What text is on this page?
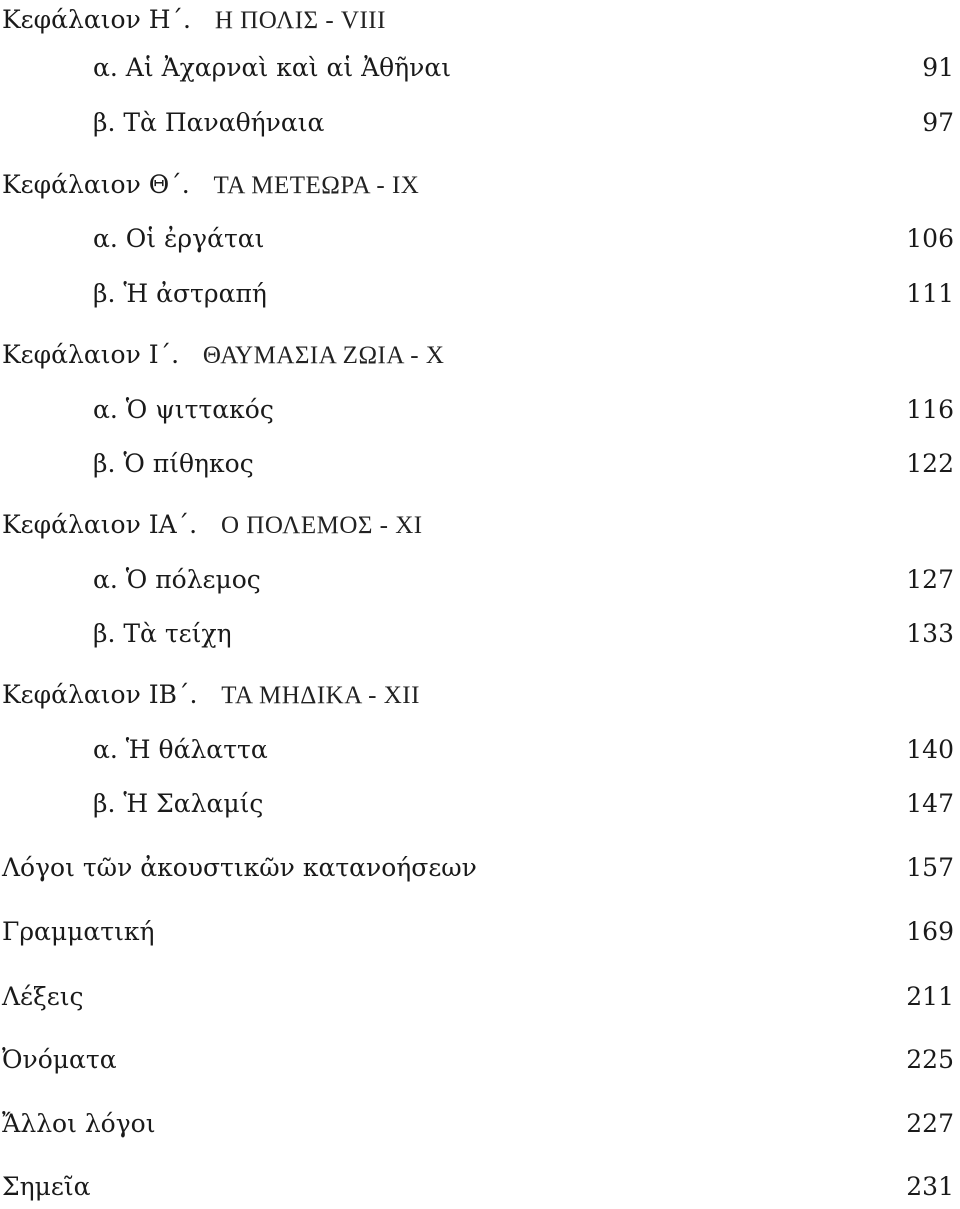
Κεφάλαιον Η΄. Η ΠΟΛΙΣ - VIII
α. Αἱ Ἀχαρναὶ καὶ αἱ Ἀθῆναι	91
β. Τὰ Παναθήναια	97
Κεφάλαιον Θ΄. ΤΑ ΜΕΤΕΩΡΑ - IX
α. Οἱ ἐργάται	106
β. Ἡ ἀστραπή	111
Κεφάλαιον Ι΄. ΘΑΥΜΑΣΙΑ ΖΩΙΑ - X
α. Ὁ ψιττακός	116
β. Ὁ πίθηκος	122
Κεφάλαιον ΙΑ΄. Ο ΠΟΛΕΜΟΣ - XI
α. Ὁ πόλεμος	127
β. Τὰ τείχη	133
Κεφάλαιον ΙΒ΄. ΤΑ ΜΗΔΙΚΑ - XII
α. Ἡ θάλαττα	140
β. Ἡ Σαλαμίς	147
Λόγοι τῶν ἀκουστικῶν κατανοήσεων	157
Γραμματική	169
Λέξεις	211
Ὀνόματα	225
Ἄλλοι λόγοι	227
Σημεῖα	231
